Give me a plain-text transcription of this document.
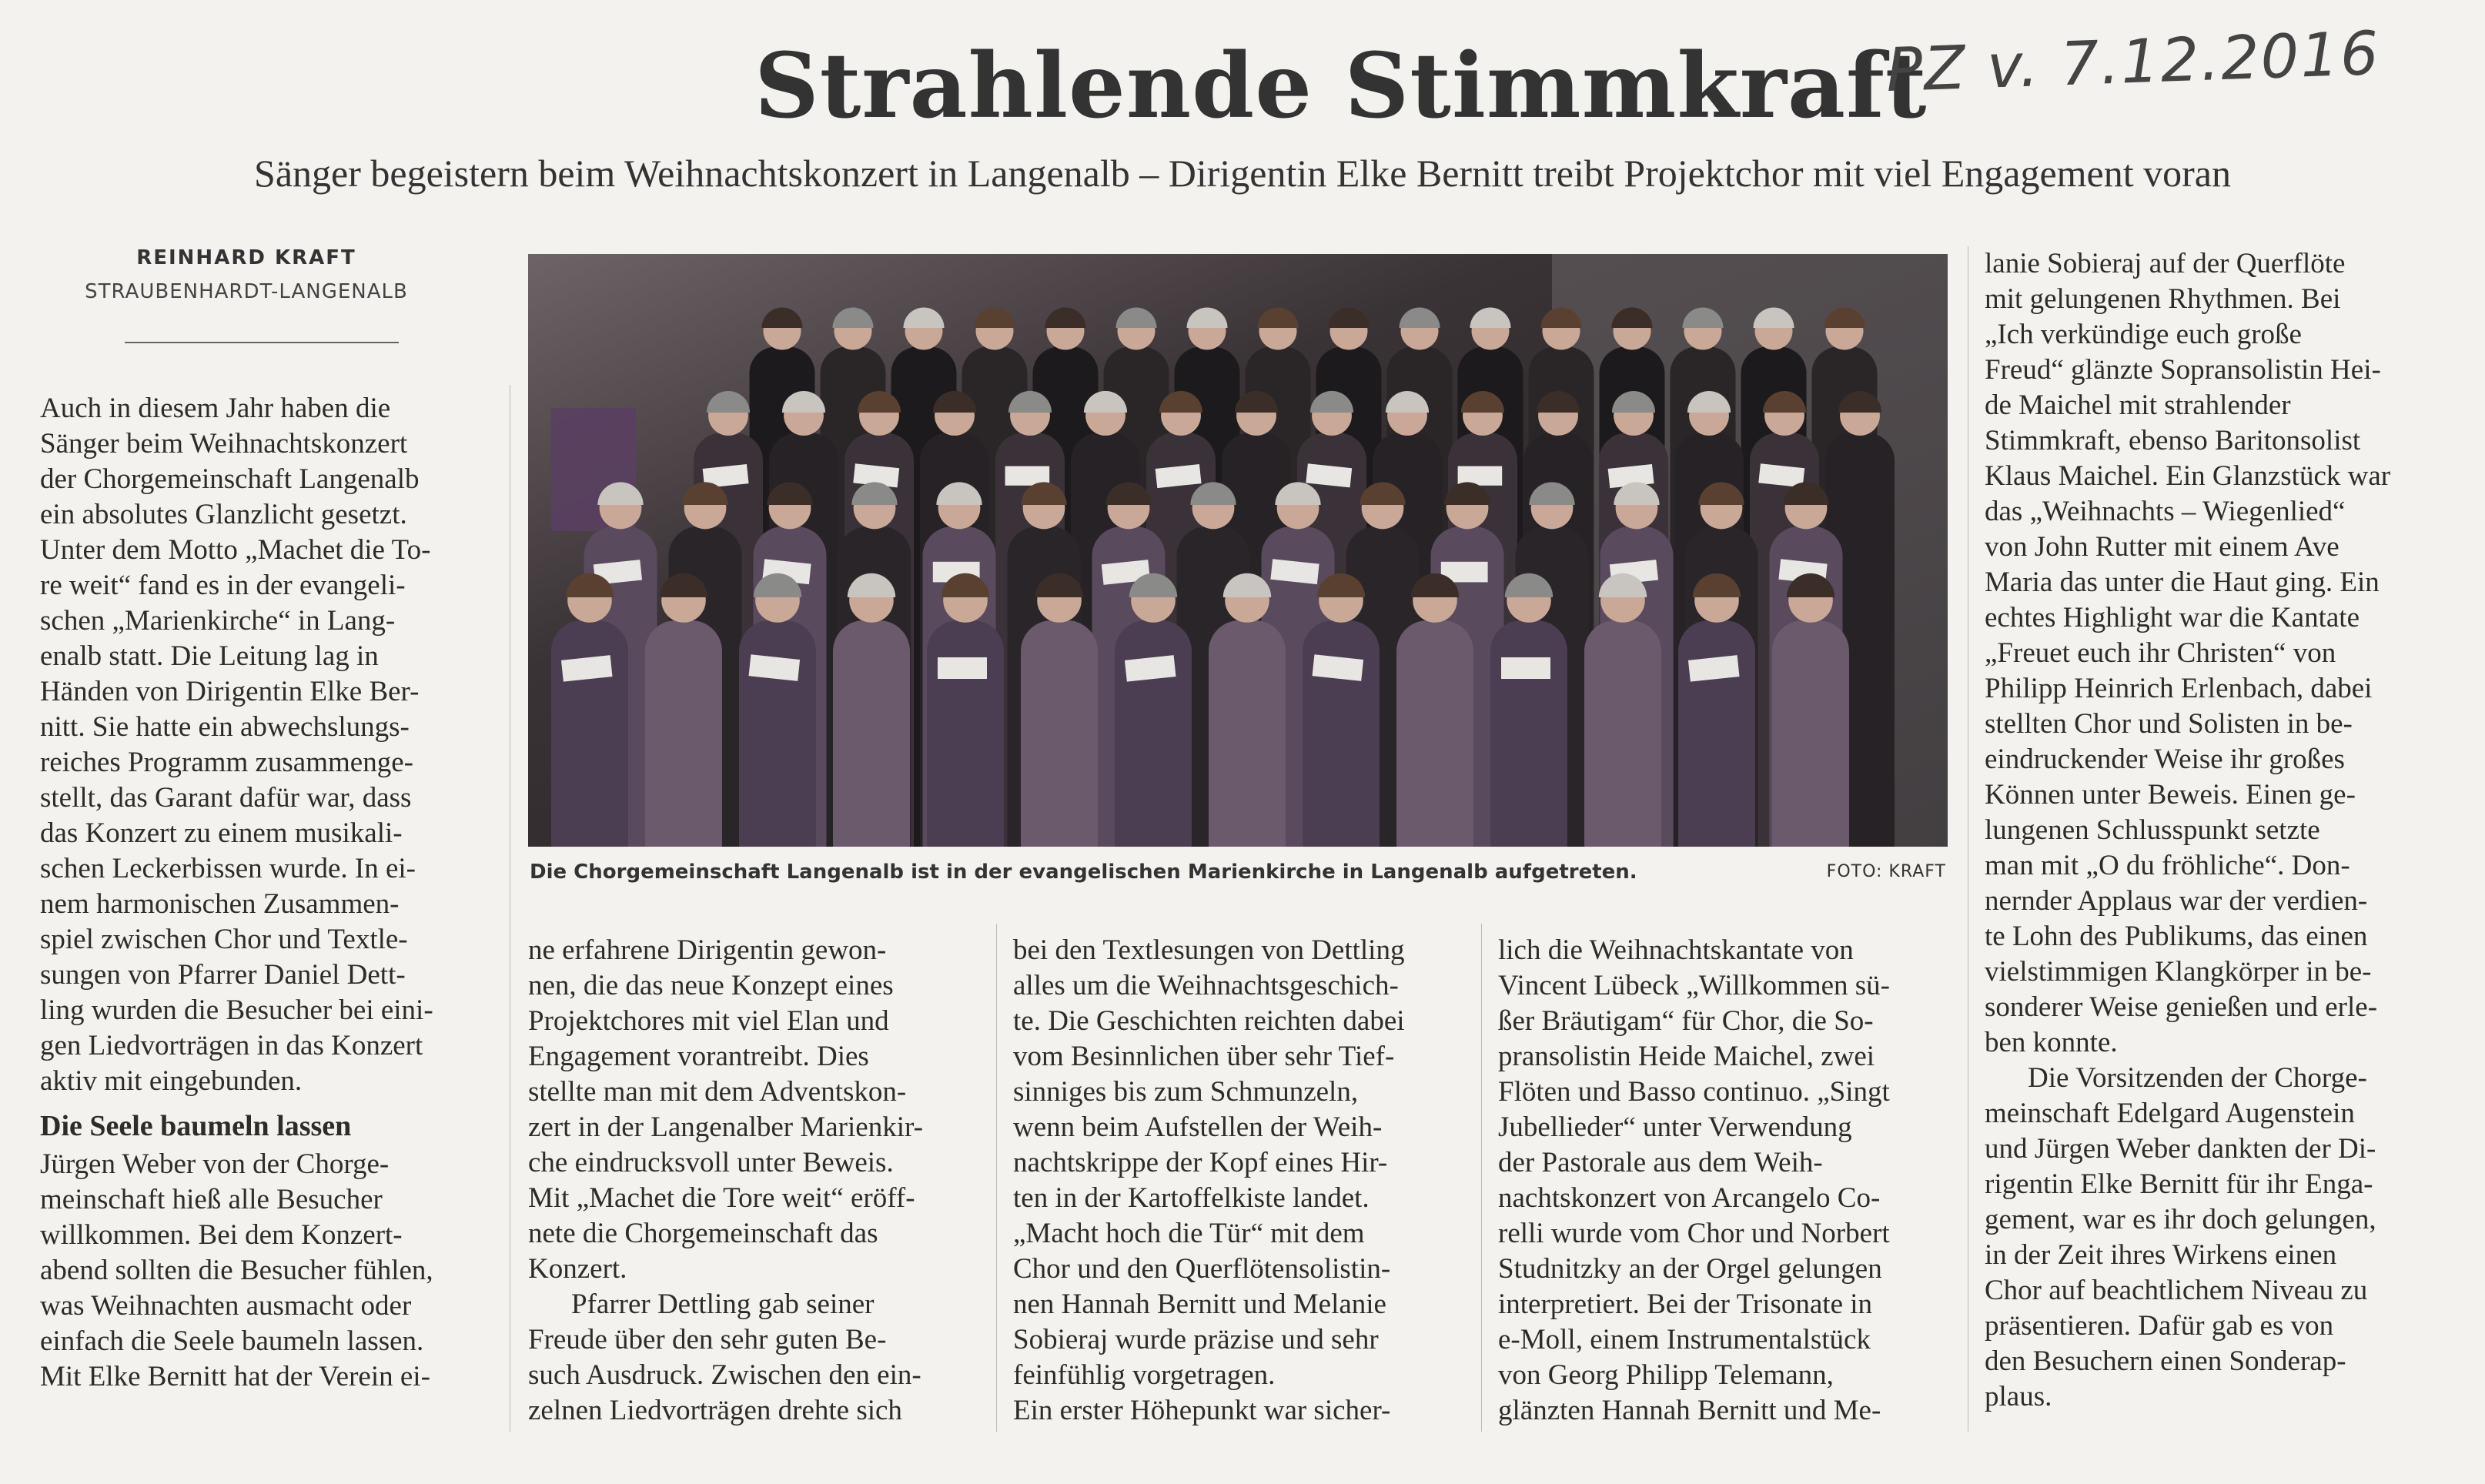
Strahlende Stimmkraft
PZ v. 7.12.2016
Sänger begeistern beim Weihnachtskonzert in Langenalb – Dirigentin Elke Bernitt treibt Projektchor mit viel Engagement voran
REINHARD KRAFT
STRAUBENHARDT-LANGENALB

Auch in diesem Jahr haben die
Sänger beim Weihnachtskonzert
der Chorgemeinschaft Langenalb
ein absolutes Glanzlicht gesetzt.
Unter dem Motto „Machet die To-
re weit“ fand es in der evangeli-
schen „Marienkirche“ in Lang-
enalb statt. Die Leitung lag in
Händen von Dirigentin Elke Ber-
nitt. Sie hatte ein abwechslungs-
reiches Programm zusammenge-
stellt, das Garant dafür war, dass
das Konzert zu einem musikali-
schen Leckerbissen wurde. In ei-
nem harmonischen Zusammen-
spiel zwischen Chor und Textle-
sungen von Pfarrer Daniel Dett-
ling wurden die Besucher bei eini-
gen Liedvorträgen in das Konzert
aktiv mit eingebunden.

Die Seele baumeln lassen

Jürgen Weber von der Chorge-
meinschaft hieß alle Besucher
willkommen. Bei dem Konzert-
abend sollten die Besucher fühlen,
was Weihnachten ausmacht oder
einfach die Seele baumeln lassen.
Mit Elke Bernitt hat der Verein ei-

Die Chorgemeinschaft Langenalb ist in der evangelischen Marienkirche in Langenalb aufgetreten.	FOTO: KRAFT

ne erfahrene Dirigentin gewon-
nen, die das neue Konzept eines
Projektchores mit viel Elan und
Engagement vorantreibt. Dies
stellte man mit dem Adventskon-
zert in der Langenalber Marienkir-
che eindrucksvoll unter Beweis.
Mit „Machet die Tore weit“ eröff-
nete die Chorgemeinschaft das
Konzert.

Pfarrer Dettling gab seiner
Freude über den sehr guten Be-
such Ausdruck. Zwischen den ein-
zelnen Liedvorträgen drehte sich

bei den Textlesungen von Dettling
alles um die Weihnachtsgeschich-
te. Die Geschichten reichten dabei
vom Besinnlichen über sehr Tief-
sinniges bis zum Schmunzeln,
wenn beim Aufstellen der Weih-
nachtskrippe der Kopf eines Hir-
ten in der Kartoffelkiste landet.
„Macht hoch die Tür“ mit dem
Chor und den Querflötensolistin-
nen Hannah Bernitt und Melanie
Sobieraj wurde präzise und sehr
feinfühlig vorgetragen.
Ein erster Höhepunkt war sicher-

lich die Weihnachtskantate von
Vincent Lübeck „Willkommen sü-
ßer Bräutigam“ für Chor, die So-
pransolistin Heide Maichel, zwei
Flöten und Basso continuo. „Singt
Jubellieder“ unter Verwendung
der Pastorale aus dem Weih-
nachtskonzert von Arcangelo Co-
relli wurde vom Chor und Norbert
Studnitzky an der Orgel gelungen
interpretiert. Bei der Trisonate in
e-Moll, einem Instrumentalstück
von Georg Philipp Telemann,
glänzten Hannah Bernitt und Me-

lanie Sobieraj auf der Querflöte
mit gelungenen Rhythmen. Bei
„Ich verkündige euch große
Freud“ glänzte Sopransolistin Hei-
de Maichel mit strahlender
Stimmkraft, ebenso Baritonsolist
Klaus Maichel. Ein Glanzstück war
das „Weihnachts – Wiegenlied“
von John Rutter mit einem Ave
Maria das unter die Haut ging. Ein
echtes Highlight war die Kantate
„Freuet euch ihr Christen“ von
Philipp Heinrich Erlenbach, dabei
stellten Chor und Solisten in be-
eindruckender Weise ihr großes
Können unter Beweis. Einen ge-
lungenen Schlusspunkt setzte
man mit „O du fröhliche“. Don-
nernder Applaus war der verdien-
te Lohn des Publikums, das einen
vielstimmigen Klangkörper in be-
sonderer Weise genießen und erle-
ben konnte.

Die Vorsitzenden der Chorge-
meinschaft Edelgard Augenstein
und Jürgen Weber dankten der Di-
rigentin Elke Bernitt für ihr Enga-
gement, war es ihr doch gelungen,
in der Zeit ihres Wirkens einen
Chor auf beachtlichem Niveau zu
präsentieren. Dafür gab es von
den Besuchern einen Sonderap-
plaus.
